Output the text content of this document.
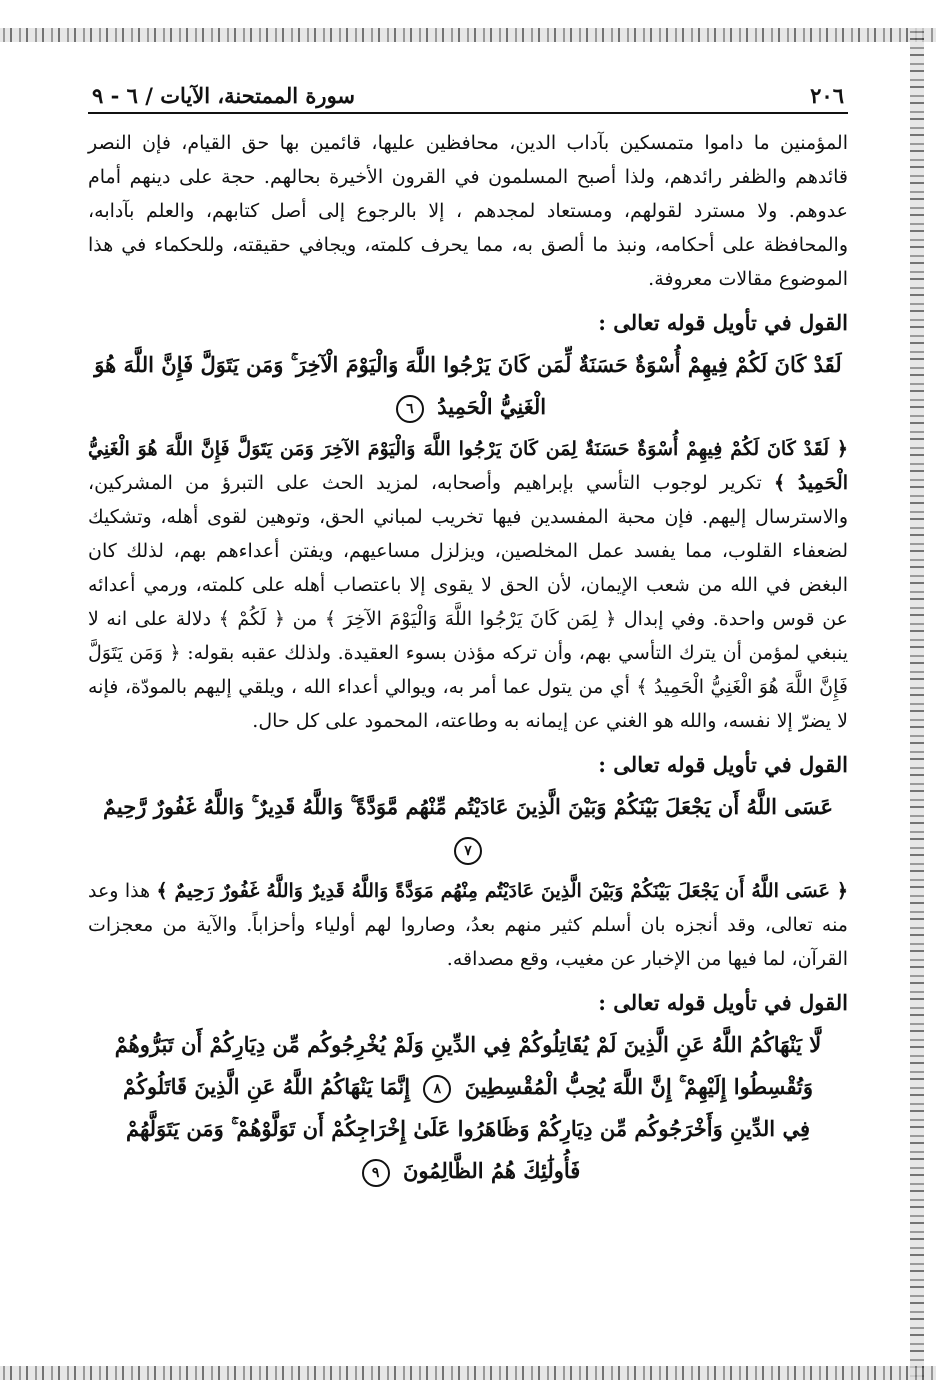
٢٠٦
سورة الممتحنة، الآيات / ٦ - ٩

المؤمنين ما داموا متمسكين بآداب الدين، محافظين عليها، قائمين بها حق القيام، فإن النصر قائدهم والظفر رائدهم، ولذا أصبح المسلمون في القرون الأخيرة بحالهم. حجة على دينهم أمام عدوهم. ولا مسترد لقولهم، ومستعاد لمجدهم ، إلا بالرجوع إلى أصل كتابهم، والعلم بآدابه، والمحافظة على أحكامه، ونبذ ما ألصق به، مما يحرف كلمته، ويجافي حقيقته، وللحكماء في هذا الموضوع مقالات معروفة.

القول في تأويل قوله تعالى :
لَقَدْ كَانَ لَكُمْ فِيهِمْ أُسْوَةٌ حَسَنَةٌ لِّمَن كَانَ يَرْجُوا اللَّهَ وَالْيَوْمَ الْآخِرَ ۚ وَمَن يَتَوَلَّ فَإِنَّ اللَّهَ هُوَ الْغَنِيُّ الْحَمِيدُ ٦

﴿ لَقَدْ كَانَ لَكُمْ فِيهِمْ أُسْوَةٌ حَسَنَةٌ لِمَن كَانَ يَرْجُوا اللَّهَ وَالْيَوْمَ الآخِرَ وَمَن يَتَوَلَّ فَإِنَّ اللَّهَ هُوَ الْغَنِيُّ الْحَمِيدُ ﴾ تكرير لوجوب التأسي بإبراهيم وأصحابه، لمزيد الحث على التبرؤ من المشركين، والاسترسال إليهم. فإن محبة المفسدين فيها تخريب لمباني الحق، وتوهين لقوى أهله، وتشكيك لضعفاء القلوب، مما يفسد عمل المخلصين، ويزلزل مساعيهم، ويفتن أعداءهم بهم، لذلك كان البغض في الله من شعب الإيمان، لأن الحق لا يقوى إلا باعتصاب أهله على كلمته، ورمي أعدائه عن قوس واحدة. وفي إبدال ﴿ لِمَن كَانَ يَرْجُوا اللَّهَ وَالْيَوْمَ الآخِرَ ﴾ من ﴿ لَكُمْ ﴾ دلالة على انه لا ينبغي لمؤمن أن يترك التأسي بهم، وأن تركه مؤذن بسوء العقيدة. ولذلك عقبه بقوله: ﴿ وَمَن يَتَوَلَّ فَإِنَّ اللَّهَ هُوَ الْغَنِيُّ الْحَمِيدُ ﴾ أي من يتول عما أمر به، ويوالي أعداء الله ، ويلقي إليهم بالمودّة، فإنه لا يضرّ إلا نفسه، والله هو الغني عن إيمانه به وطاعته، المحمود على كل حال.

القول في تأويل قوله تعالى :
عَسَى اللَّهُ أَن يَجْعَلَ بَيْنَكُمْ وَبَيْنَ الَّذِينَ عَادَيْتُم مِّنْهُم مَّوَدَّةً ۚ وَاللَّهُ قَدِيرٌ ۚ وَاللَّهُ غَفُورٌ رَّحِيمٌ ٧

﴿ عَسَى اللَّهُ أَن يَجْعَلَ بَيْنَكُمْ وَبَيْنَ الَّذِينَ عَادَيْتُم مِنْهُم مَوَدَّةً وَاللَّهُ قَدِيرٌ وَاللَّهُ غَفُورٌ رَحِيمٌ ﴾ هذا وعد منه تعالى، وقد أنجزه بان أسلم كثير منهم بعدُ، وصاروا لهم أولياء وأحزاباً. والآية من معجزات القرآن، لما فيها من الإخبار عن مغيب، وقع مصداقه.

القول في تأويل قوله تعالى :
لَّا يَنْهَاكُمُ اللَّهُ عَنِ الَّذِينَ لَمْ يُقَاتِلُوكُمْ فِي الدِّينِ وَلَمْ يُخْرِجُوكُم مِّن دِيَارِكُمْ أَن تَبَرُّوهُمْ
وَتُقْسِطُوا إِلَيْهِمْ ۚ إِنَّ اللَّهَ يُحِبُّ الْمُقْسِطِينَ ٨ إِنَّمَا يَنْهَاكُمُ اللَّهُ عَنِ الَّذِينَ قَاتَلُوكُمْ
فِي الدِّينِ وَأَخْرَجُوكُم مِّن دِيَارِكُمْ وَظَاهَرُوا عَلَىٰ إِخْرَاجِكُمْ أَن تَوَلَّوْهُمْ ۚ وَمَن يَتَوَلَّهُمْ
فَأُولَٰئِكَ هُمُ الظَّالِمُونَ ٩
